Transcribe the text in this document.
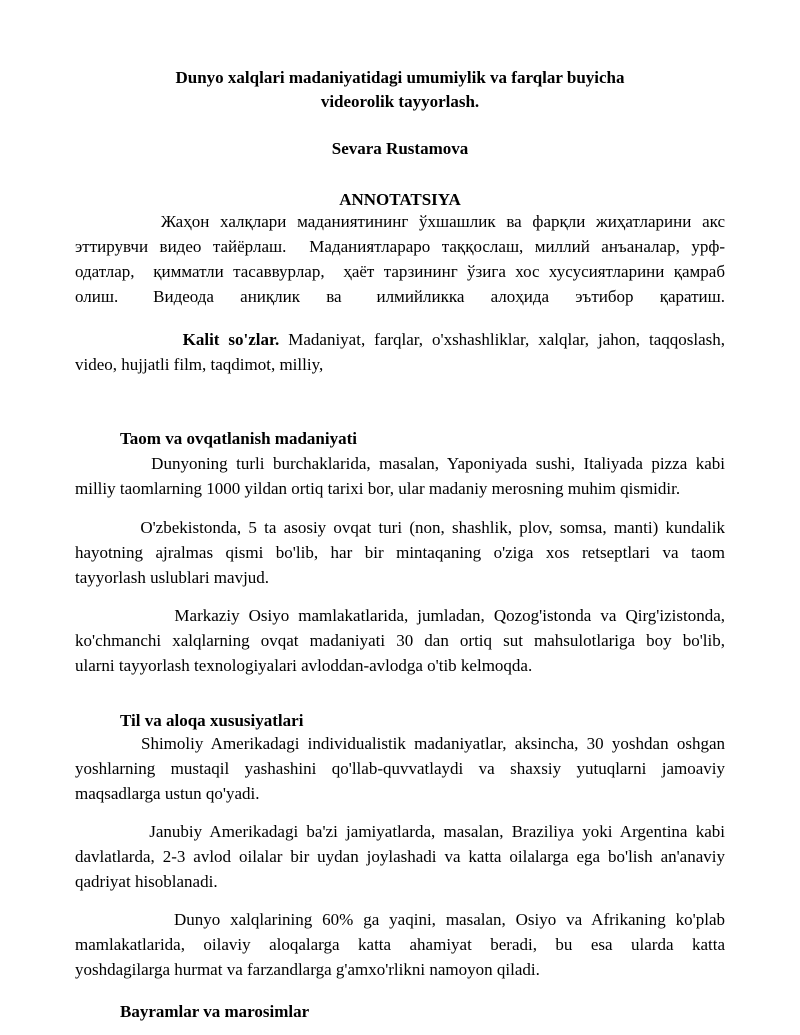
Dunyo xalqlari madaniyatidagi umumiylik va farqlar buyicha
videorolik tayyorlash.
Sevara Rustamova
ANNOTATSIYA
Жаҳон халқлари маданиятининг ўхшашлик ва фарқли жиҳатларини акс
эттирувчи видео тайёрлаш.  Маданиятлараро таққослаш, миллий анъаналар, урф-
одатлар,  қимматли тасаввурлар,  ҳаёт тарзининг ўзига хос хусусиятларини қамраб
олиш.    Видеода   аниқлик   ва    илмийликка   алоҳида   эътибор   қаратиш.
Kalit so'zlar. Madaniyat, farqlar, o'xshashliklar, xalqlar, jahon, taqqoslash,
video, hujjatli film, taqdimot, milliy,
Taom va ovqatlanish madaniyati
Dunyoning turli burchaklarida, masalan, Yaponiyada sushi, Italiyada pizza kabi
milliy taomlarning 1000 yildan ortiq tarixi bor, ular madaniy merosning muhim qismidir.
O'zbekistonda, 5 ta asosiy ovqat turi (non, shashlik, plov, somsa, manti) kundalik
hayotning ajralmas qismi bo'lib, har bir mintaqaning o'ziga xos retseptlari va taom
tayyorlash uslublari mavjud.
Markaziy Osiyo mamlakatlarida, jumladan, Qozog'istonda va Qirg'izistonda,
ko'chmanchi xalqlarning ovqat madaniyati 30 dan ortiq sut mahsulotlariga boy bo'lib,
ularni tayyorlash texnologiyalari avloddan-avlodga o'tib kelmoqda.
Til va aloqa xususiyatlari
Shimoliy Amerikadagi individualistik madaniyatlar, aksincha, 30 yoshdan oshgan
yoshlarning mustaqil yashashini qo'llab-quvvatlaydi va shaxsiy yutuqlarni jamoaviy
maqsadlarga ustun qo'yadi.
Janubiy Amerikadagi ba'zi jamiyatlarda, masalan, Braziliya yoki Argentina kabi
davlatlarda, 2-3 avlod oilalar bir uydan joylashadi va katta oilalarga ega bo'lish an'anaviy
qadriyat hisoblanadi.
Dunyo xalqlarining 60% ga yaqini, masalan, Osiyo va Afrikaning ko'plab
mamlakatlarida, oilaviy aloqalarga katta ahamiyat beradi, bu esa ularda katta
yoshdagilarga hurmat va farzandlarga g'amxo'rlikni namoyon qiladi.
Bayramlar va marosimlar
